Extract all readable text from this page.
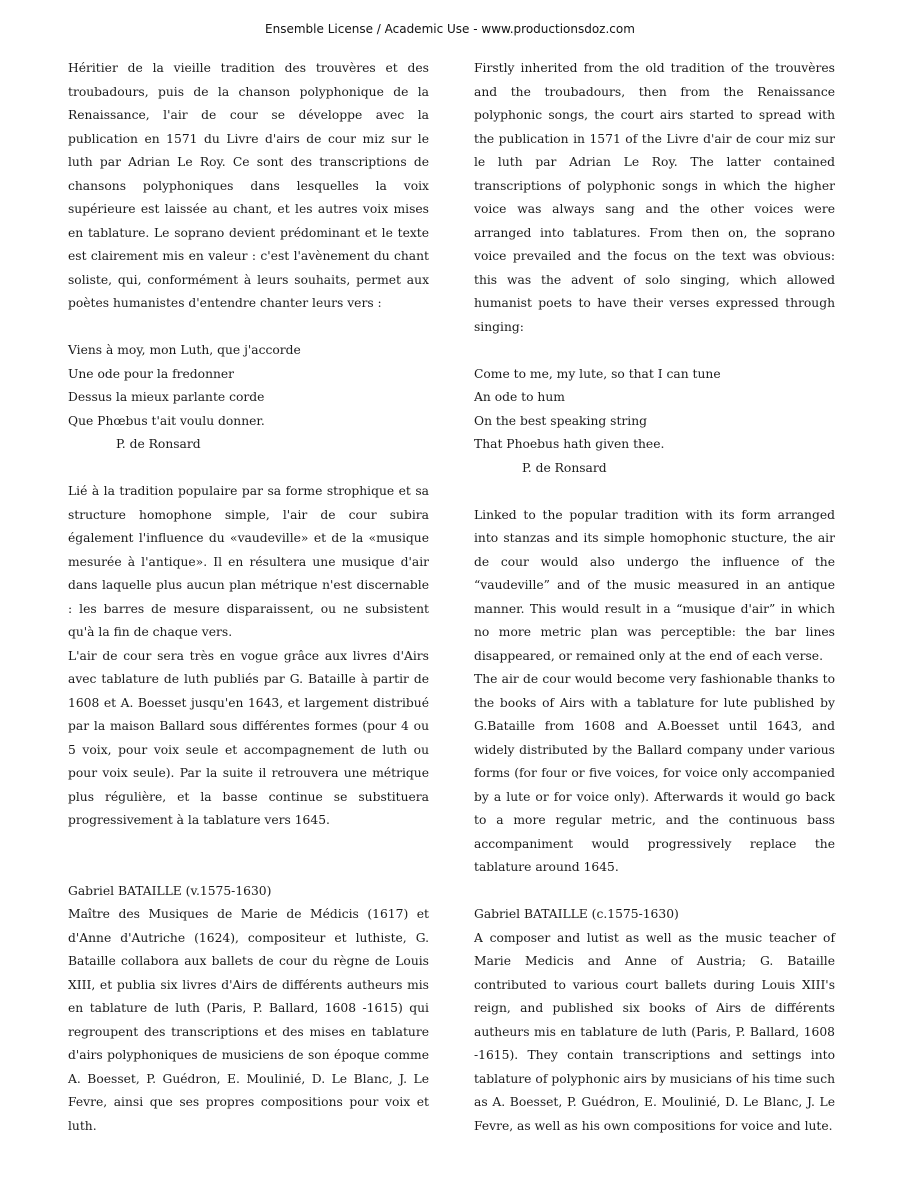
Ensemble License / Academic Use - www.productionsdoz.com

Héritier de la vieille tradition des trouvères et des troubadours, puis de la chanson polyphonique de la Renaissance, l'air de cour se développe avec la publication en 1571 du Livre d'airs de cour miz sur le luth par Adrian Le Roy. Ce sont des transcriptions de chansons polyphoniques dans lesquelles la voix supérieure est laissée au chant, et les autres voix mises en tablature. Le soprano devient prédominant et le texte est clairement mis en valeur : c'est l'avènement du chant soliste, qui, conformément à leurs souhaits, permet aux poètes humanistes d'entendre chanter leurs vers :

Viens à moy, mon Luth, que j'accorde
Une ode pour la fredonner
Dessus la mieux parlante corde
Que Phœbus t'ait voulu donner.
P. de Ronsard

Lié à la tradition populaire par sa forme strophique et sa structure homophone simple, l'air de cour subira également l'influence du «vaudeville» et de la «musique mesurée à l'antique». Il en résultera une musique d'air dans laquelle plus aucun plan métrique n'est discernable : les barres de mesure disparaissent, ou ne subsistent qu'à la fin de chaque vers.

L'air de cour sera très en vogue grâce aux livres d'Airs avec tablature de luth publiés par G. Bataille à partir de 1608 et A. Boesset jusqu'en 1643, et largement distribué par la maison Ballard sous différentes formes (pour 4 ou 5 voix, pour voix seule et accompagnement de luth ou pour voix seule). Par la suite il retrouvera une métrique plus régulière, et la basse continue se substituera progressivement à la tablature vers 1645.

Gabriel BATAILLE (v.1575-1630)

Maître des Musiques de Marie de Médicis (1617) et d'Anne d'Autriche (1624), compositeur et luthiste, G. Bataille collabora aux ballets de cour du règne de Louis XIII, et publia six livres d'Airs de différents autheurs mis en tablature de luth (Paris, P. Ballard, 1608 -1615) qui regroupent des transcriptions et des mises en tablature d'airs polyphoniques de musiciens de son époque comme A. Boesset, P. Guédron, E. Moulinié, D. Le Blanc, J. Le Fevre, ainsi que ses propres compositions pour voix et luth.

Firstly inherited from the old tradition of the trouvères and the troubadours, then from the Renaissance polyphonic songs, the court airs started to spread with the publication in 1571 of the Livre d'air de cour miz sur le luth par Adrian Le Roy. The latter contained transcriptions of polyphonic songs in which the higher voice was always sang and the other voices were arranged into tablatures. From then on, the soprano voice prevailed and the focus on the text was obvious: this was the advent of solo singing, which allowed humanist poets to have their verses expressed through singing:

Come to me, my lute, so that I can tune
An ode to hum
On the best speaking string
That Phoebus hath given thee.
P. de Ronsard

Linked to the popular tradition with its form arranged into stanzas and its simple homophonic stucture, the air de cour would also undergo the influence of the “vaudeville” and of the music measured in an antique manner. This would result in a “musique d'air” in which no more metric plan was perceptible: the bar lines disappeared, or remained only at the end of each verse.

The air de cour would become very fashionable thanks to the books of Airs with a tablature for lute published by G.Bataille from 1608 and A.Boesset until 1643, and widely distributed by the Ballard company under various forms (for four or five voices, for voice only accompanied by a lute or for voice only). Afterwards it would go back to a more regular metric, and the continuous bass accompaniment would progressively replace the tablature around 1645.

Gabriel BATAILLE (c.1575-1630)

A composer and lutist as well as the music teacher of Marie Medicis and Anne of Austria; G. Bataille contributed to various court ballets during Louis XIII's reign, and published six books of Airs de différents autheurs mis en tablature de luth (Paris, P. Ballard, 1608 -1615). They contain transcriptions and settings into tablature of polyphonic airs by musicians of his time such as A. Boesset, P. Guédron, E. Moulinié, D. Le Blanc, J. Le Fevre, as well as his own compositions for voice and lute.
